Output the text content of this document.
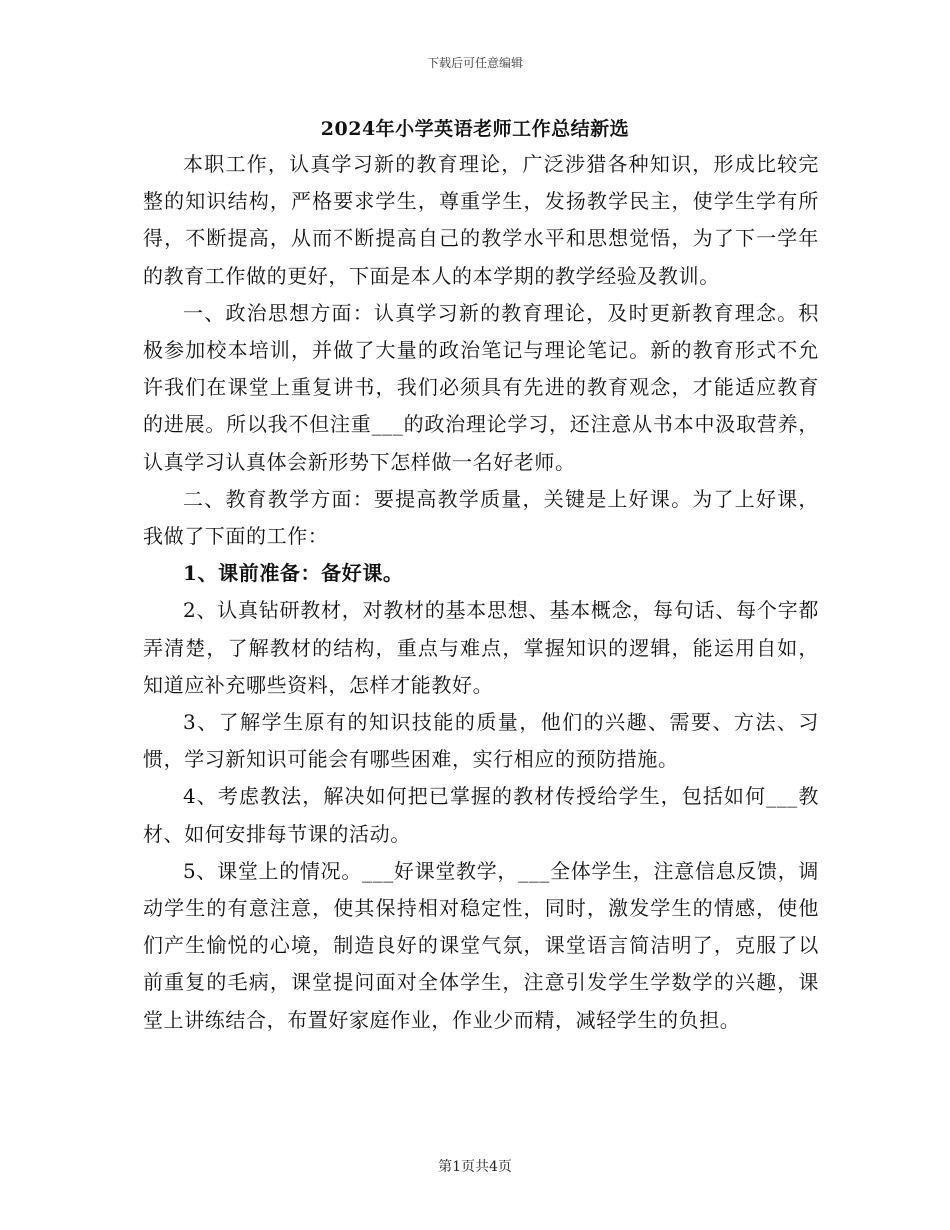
下载后可任意编辑
2024年小学英语老师工作总结新选

本职工作，认真学习新的教育理论，广泛涉猎各种知识，形成比较完整的知识结构，严格要求学生，尊重学生，发扬教学民主，使学生学有所得，不断提高，从而不断提高自己的教学水平和思想觉悟，为了下一学年的教育工作做的更好，下面是本人的本学期的教学经验及教训。

一、政治思想方面：认真学习新的教育理论，及时更新教育理念。积极参加校本培训，并做了大量的政治笔记与理论笔记。新的教育形式不允许我们在课堂上重复讲书，我们必须具有先进的教育观念，才能适应教育的进展。所以我不但注重___的政治理论学习，还注意从书本中汲取营养，认真学习认真体会新形势下怎样做一名好老师。

二、教育教学方面：要提高教学质量，关键是上好课。为了上好课，我做了下面的工作：

1、课前准备：备好课。

2、认真钻研教材，对教材的基本思想、基本概念，每句话、每个字都弄清楚，了解教材的结构，重点与难点，掌握知识的逻辑，能运用自如，知道应补充哪些资料，怎样才能教好。

3、了解学生原有的知识技能的质量，他们的兴趣、需要、方法、习惯，学习新知识可能会有哪些困难，实行相应的预防措施。

4、考虑教法，解决如何把已掌握的教材传授给学生，包括如何___教材、如何安排每节课的活动。

5、课堂上的情况。___好课堂教学，___全体学生，注意信息反馈，调动学生的有意注意，使其保持相对稳定性，同时，激发学生的情感，使他们产生愉悦的心境，制造良好的课堂气氛，课堂语言简洁明了，克服了以前重复的毛病，课堂提问面对全体学生，注意引发学生学数学的兴趣，课堂上讲练结合，布置好家庭作业，作业少而精，减轻学生的负担。

第1页共4页
